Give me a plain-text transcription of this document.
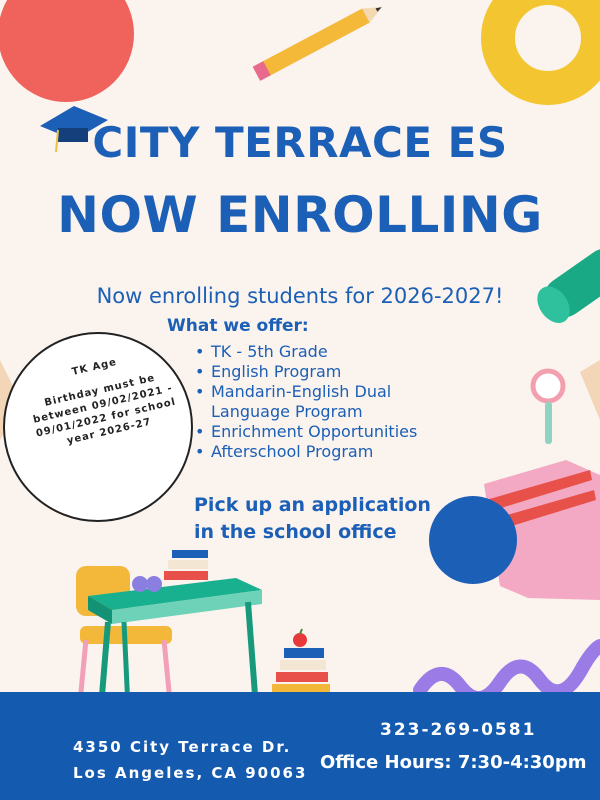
CITY TERRACE ES
NOW ENROLLING
Now enrolling students for 2026-2027!
What we offer:
• TK - 5th Grade
• English Program
• Mandarin-English Dual Language Program
• Enrichment Opportunities
• Afterschool Program
Pick up an application in the school office
TK Age
Birthday must be between 09/02/2021 - 09/01/2022 for school year 2026-27
4350 City Terrace Dr.
Los Angeles, CA 90063
323-269-0581
Office Hours: 7:30-4:30pm
